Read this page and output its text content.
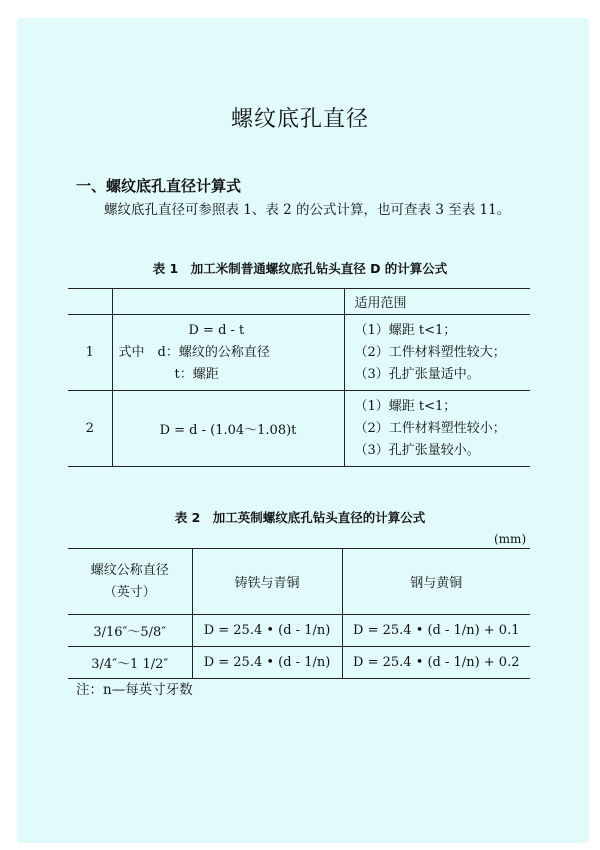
螺纹底孔直径
一、螺纹底孔直径计算式
螺纹底孔直径可参照表 1、表 2 的公式计算，也可查表 3 至表 11。
表 1　加工米制普通螺纹底孔钻头直径 D 的计算公式
		适用范围
1	D = d - t
式中　d：螺纹的公称直径
t：螺距	（1）螺距 t<1；
（2）工件材料塑性较大；
（3）孔扩张量适中。

2	D = d - (1.04～1.08)t	（1）螺距 t<1；
（2）工件材料塑性较小；
（3）孔扩张量较小。
表 2　加工英制螺纹底孔钻头直径的计算公式
(mm)
螺纹公称直径
（英寸）	铸铁与青铜	钢与黄铜
3/16″～5/8″	D = 25.4 • (d - 1/n)	D = 25.4 • (d - 1/n) + 0.1
3/4″～1 1/2″	D = 25.4 • (d - 1/n)	D = 25.4 • (d - 1/n) + 0.2
注：n—每英寸牙数
